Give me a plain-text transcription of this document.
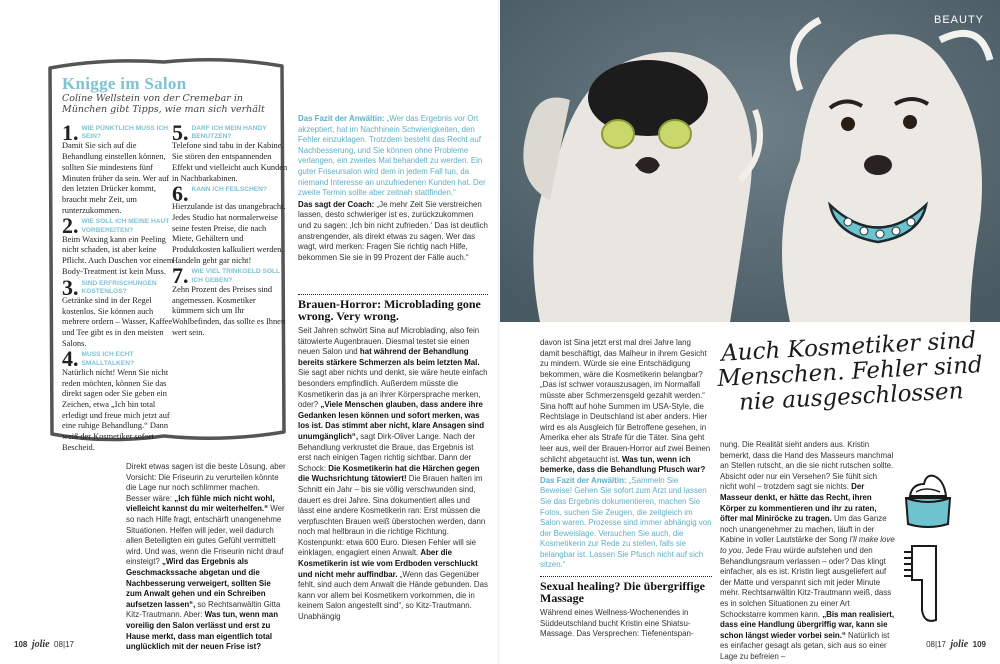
Knigge im Salon
Coline Wellstein von der Cremebar in München gibt Tipps, wie man sich verhält
1. WIE PÜNKTLICH MUSS ICH SEIN?

Damit Sie sich auf die Behandlung einstellen können, sollten Sie mindestens fünf Minuten früher da sein. Wer auf den letzten Drücker kommt, braucht mehr Zeit, um runterzukommen.

2. WIE SOLL ICH MEINE HAUT VORBEREITEN?

Beim Waxing kann ein Peeling nicht schaden, ist aber keine Pflicht. Auch Duschen vor einem Body-Treatment ist kein Muss.

3. SIND ERFRISCHUNGEN KOSTENLOS?

Getränke sind in der Regel kostenlos. Sie können auch mehrere ordern – Wasser, Kaffee und Tee gibt es in den meisten Salons.

4. MUSS ICH ECHT SMALLTALKEN?

Natürlich nicht! Wenn Sie nicht reden möchten, können Sie das direkt sagen oder Sie geben ein Zeichen, etwa „Ich bin total erledigt und freue mich jetzt auf eine ruhige Behandlung.“ Dann weiß der Kosmetiker sofort Bescheid.

5. DARF ICH MEIN HANDY BENUTZEN?

Telefone sind tabu in der Kabine. Sie stören den entspannenden Effekt und vielleicht auch Kunden in Nachbarkabinen.

6. KANN ICH FEILSCHEN?

Hierzulande ist das unangebracht. Jedes Studio hat normalerweise seine festen Preise, die nach Miete, Gehältern und Produktkosten kalkuliert werden. Handeln geht gar nicht!

7. WIE VIEL TRINKGELD SOLL ICH GEBEN?

Zehn Prozent des Preises sind angemessen. Kosmetiker kümmern sich um Ihr Wohlbefinden, das sollte es Ihnen wert sein.

Das Fazit der Anwältin: „Wer das Ergebnis vor Ort akzeptiert, hat im Nachhinein Schwierigkeiten, den Fehler einzuklagen. Trotzdem besteht das Recht auf Nachbesserung, und Sie können ohne Probleme verlangen, ein zweites Mal behandelt zu werden. Ein guter Friseursalon wird dem in jedem Fall tun, da niemand Interesse an unzufriedenen Kunden hat. Der zweite Termin sollte aber zeitnah stattfinden.“

Das sagt der Coach: „Je mehr Zeit Sie verstreichen lassen, desto schwieriger ist es, zurückzukommen und zu sagen: ‚Ich bin nicht zufrieden.‘ Das ist deutlich anstrengender, als direkt etwas zu sagen. Wer das wagt, wird merken: Fragen Sie richtig nach Hilfe, bekommen Sie sie in 99 Prozent der Fälle auch.“

Direkt etwas sagen ist die beste Lösung, aber Vorsicht: Die Friseurin zu verurteilen könnte die Lage nur noch schlimmer machen. Besser wäre: „Ich fühle mich nicht wohl, vielleicht kannst du mir weiterhelfen.“ Wer so nach Hilfe fragt, entschärft unangenehme Situationen. Helfen will jeder, weil dadurch allen Beteiligten ein gutes Gefühl vermittelt wird. Und was, wenn die Friseurin nicht drauf einsteigt? „Wird das Ergebnis als Geschmackssache abgetan und die Nachbesserung verweigert, sollten Sie zum Anwalt gehen und ein Schreiben aufsetzen lassen“, so Rechtsanwältin Gitta Kitz-Trautmann. Aber: Was tun, wenn man voreilig den Salon verlässt und erst zu Hause merkt, dass man eigentlich total unglücklich mit der neuen Frise ist?

Brauen-Horror: Microblading gone wrong. Very wrong.

Seit Jahren schwört Sina auf Microblading, also fein tätowierte Augenbrauen. Diesmal testet sie einen neuen Salon und hat während der Behandlung bereits stärkere Schmerzen als beim letzten Mal. Sie sagt aber nichts und denkt, sie wäre heute einfach besonders empfindlich. Außerdem müsste die Kosmetikerin das ja an ihrer Körpersprache merken, oder? „Viele Menschen glauben, dass andere ihre Gedanken lesen können und sofort merken, was los ist. Das stimmt aber nicht, klare Ansagen sind unumgänglich“, sagt Dirk-Oliver Lange. Nach der Behandlung verkrustet die Braue, das Ergebnis ist erst nach einigen Tagen richtig sichtbar. Dann der Schock: Die Kosmetikerin hat die Härchen gegen die Wuchsrichtung tätowiert! Die Brauen halten im Schnitt ein Jahr – bis sie völlig verschwunden sind, dauert es drei Jahre. Sina dokumentiert alles und lässt eine andere Kosmetikerin ran: Erst müssen die verpfuschten Brauen weiß überstochen werden, dann noch mal hellbraun in die richtige Richtung. Kostenpunkt: etwa 600 Euro. Diesen Fehler will sie einklagen, engagiert einen Anwalt. Aber die Kosmetikerin ist wie vom Erdboden verschluckt und nicht mehr auffindbar. „Wenn das Gegenüber fehlt, sind auch dem Anwalt die Hände gebunden. Das kann vor allem bei Kosmetikern vorkommen, die in keinem Salon angestellt sind“, so Kitz-Trautmann. Unabhängig

108 jolie 08|17
BEAUTY
Auch Kosmetiker sind Menschen. Fehler sind nie ausgeschlossen

davon ist Sina jetzt erst mal drei Jahre lang damit beschäftigt, das Malheur in ihrem Gesicht zu mindern. Würde sie eine Entschädigung bekommen, wäre die Kosmetikerin belangbar? „Das ist schwer vorauszusagen, im Normalfall müsste aber Schmerzensgeld gezahlt werden.“ Sina hofft auf hohe Summen im USA-Style, die Rechtslage in Deutschland ist aber anders. Hier wird es als Ausgleich für Betroffene gesehen, in Amerika eher als Strafe für die Täter. Sina geht leer aus, weil der Brauen-Horror auf zwei Beinen schlicht abgetaucht ist. Was tun, wenn ich bemerke, dass die Behandlung Pfusch war? Das Fazit der Anwältin: „Sammeln Sie Beweise! Gehen Sie sofort zum Arzt und lassen Sie das Ergebnis dokumentieren, machen Sie Fotos, suchen Sie Zeugen, die zeitgleich im Salon waren. Prozesse sind immer abhängig von der Beweislage. Versuchen Sie auch, die Kosmetikerin zur Rede zu stellen, falls sie belangbar ist. Lassen Sie Pfusch nicht auf sich sitzen.“

Sexual healing? Die übergriffige Massage

Während eines Wellness-Wochenendes in Süddeutschland bucht Kristin eine Shiatsu-Massage. Das Versprechen: Tiefenentspan-

nung. Die Realität sieht anders aus. Kristin bemerkt, dass die Hand des Masseurs manchmal an Stellen rutscht, an die sie nicht rutschen sollte. Absicht oder nur ein Versehen? Sie fühlt sich nicht wohl – trotzdem sagt sie nichts. Der Masseur denkt, er hätte das Recht, ihren Körper zu kommentieren und ihr zu raten, öfter mal Miniröcke zu tragen. Um das Ganze noch unangenehmer zu machen, läuft in der Kabine in voller Lautstärke der Song I'll make love to you. Jede Frau würde aufstehen und den Behandlungsraum verlassen – oder? Das klingt einfacher, als es ist. Kristin liegt ausgeliefert auf der Matte und verspannt sich mit jeder Minute mehr. Rechtsanwältin Kitz-Trautmann weiß, dass es in solchen Situationen zu einer Art Schockstarre kommen kann. „Bis man realisiert, dass eine Handlung übergriffig war, kann sie schon längst wieder vorbei sein.“ Natürlich ist es einfacher gesagt als getan, sich aus so einer Lage zu befreien –

08|17 jolie 109
